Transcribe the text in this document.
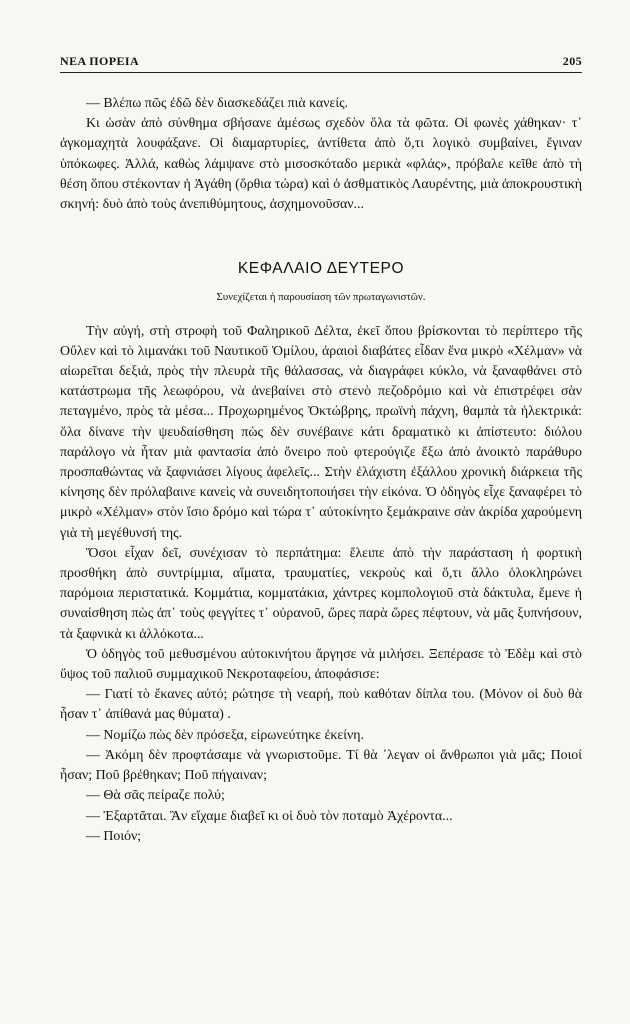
ΝΕΑ ΠΟΡΕΙΑ	205

— Βλέπω πῶς ἐδῶ δὲν διασκεδάζει πιὰ κανείς.

Κι ὡσὰν ἀπὸ σύνθημα σβήσανε ἀμέσως σχεδὸν ὅλα τὰ φῶτα. Οἱ φωνὲς χάθηκαν· τ᾽ ἀγκομαχητὰ λουφάξανε. Οἱ διαμαρτυρίες, ἀντίθετα ἀπὸ ὅ,τι λογικὸ συμβαίνει, ἔγιναν ὑπόκωφες. Ἀλλά, καθὼς λάμψανε στὸ μισοσκόταδο μερικὰ «φλάς», πρόβαλε κεῖθε ἀπὸ τὴ θέση ὅπου στέκονταν ἡ Ἀγάθη (ὄρθια τώρα) καὶ ὁ ἀσθματικὸς Λαυρέντης, μιὰ ἀποκρουστικὴ σκηνή: δυὸ ἀπὸ τοὺς ἀνεπιθύμητους, ἀσχημονοῦσαν...

ΚΕΦΑΛΑΙΟ ΔΕΥΤΕΡΟ
Συνεχίζεται ἡ παρουσίαση τῶν πρωταγωνιστῶν.

Τὴν αὐγή, στὴ στροφὴ τοῦ Φαληρικοῦ Δέλτα, ἐκεῖ ὅπου βρίσκονται τὸ περίπτερο τῆς Οὔλεν καὶ τὸ λιμανάκι τοῦ Ναυτικοῦ Ὁμίλου, ἀραιοὶ διαβάτες εἶδαν ἕνα μικρὸ «Χέλμαν» νὰ αἰωρεῖται δεξιά, πρὸς τὴν πλευρὰ τῆς θάλασσας, νὰ διαγράφει κύκλο, νὰ ξαναφθάνει στὸ κατάστρωμα τῆς λεωφόρου, νὰ ἀνεβαίνει στὸ στενὸ πεζοδρόμιο καὶ νὰ ἐπιστρέφει σὰν πεταγμένο, πρὸς τὰ μέσα... Προχωρημένος Ὀκτώβρης, πρωϊνὴ πάχνη, θαμπὰ τὰ ἠλεκτρικά: ὅλα δίνανε τὴν ψευδαίσθηση πὼς δὲν συνέβαινε κάτι δραματικὸ κι ἀπίστευτο: διόλου παράλογο νὰ ἦταν μιὰ φαντασία ἀπὸ ὄνειρο ποὺ φτερούγιζε ἔξω ἀπὸ ἀνοικτὸ παράθυρο προσπαθώντας νὰ ξαφνιάσει λίγους ἀφελεῖς... Στὴν ἐλάχιστη ἐξάλλου χρονικὴ διάρκεια τῆς κίνησης δὲν πρόλαβαινε κανεὶς νὰ συνειδητοποιήσει τὴν εἰκόνα. Ὁ ὁδηγὸς εἶχε ξαναφέρει τὸ μικρὸ «Χέλμαν» στὸν ἴσιο δρόμο καὶ τώρα τ᾽ αὐτοκίνητο ξεμάκραινε σὰν ἀκρίδα χαρούμενη γιὰ τὴ μεγέθυνσή της.

Ὅσοι εἶχαν δεῖ, συνέχισαν τὸ περπάτημα: ἔλειπε ἀπὸ τὴν παράσταση ἡ φορτικὴ προσθήκη ἀπὸ συντρίμμια, αἵματα, τραυματίες, νεκροὺς καὶ ὅ,τι ἄλλο ὁλοκληρώνει παρόμοια περιστατικά. Κομμάτια, κομματάκια, χάντρες κομπολογιοῦ στὰ δάκτυλα, ἔμενε ἡ συναίσθηση πὼς ἀπ᾽ τοὺς φεγγίτες τ᾽ οὐρανοῦ, ὥρες παρὰ ὥρες πέφτουν, νὰ μᾶς ξυπνήσουν, τὰ ξαφνικὰ κι ἀλλόκοτα...

Ὁ ὁδηγὸς τοῦ μεθυσμένου αὐτοκινήτου ἄργησε νὰ μιλήσει. Ξεπέρασε τὸ Ἐδὲμ καὶ στὸ ὕψος τοῦ παλιοῦ συμμαχικοῦ Νεκροταφείου, ἀποφάσισε:

— Γιατί τὸ ἔκανες αὐτό; ρώτησε τὴ νεαρή, ποὺ καθόταν δίπλα του. (Μόνον οἱ δυὸ θὰ ἦσαν τ᾽ ἀπίθανά μας θύματα) .

— Νομίζω πὼς δὲν πρόσεξα, εἰρωνεύτηκε ἐκείνη.

— Ἀκόμη δὲν προφτάσαμε νὰ γνωριστοῦμε. Τί θὰ ᾽λεγαν οἱ ἄνθρωποι γιὰ μᾶς; Ποιοί ἦσαν; Ποῦ βρέθηκαν; Ποῦ πήγαιναν;

— Θὰ σᾶς πείραζε πολύ;

— Ἐξαρτᾶται. Ἂν εἴχαμε διαβεῖ κι οἱ δυὸ τὸν ποταμὸ Ἀχέροντα...

— Ποιόν;
